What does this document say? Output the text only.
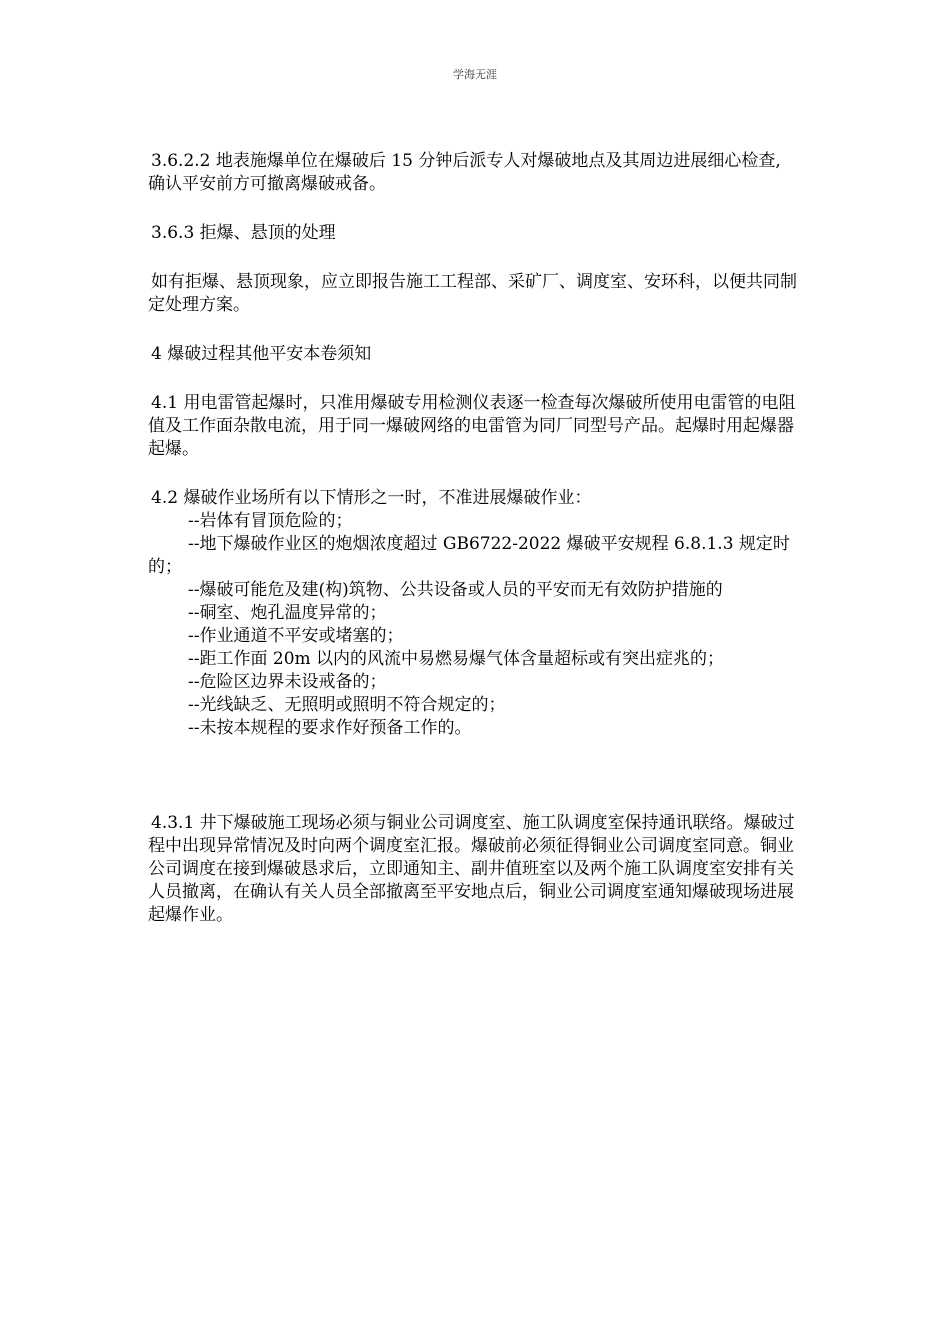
学海无涯

3.6.2.2 地表施爆单位在爆破后 15 分钟后派专人对爆破地点及其周边进展细心检查, 确认平安前方可撤离爆破戒备。

3.6.3 拒爆、悬顶的处理

如有拒爆、悬顶现象，应立即报告施工工程部、采矿厂、调度室、安环科，以便共同制定处理方案。

4 爆破过程其他平安本卷须知

4.1 用电雷管起爆时，只准用爆破专用检测仪表逐一检查每次爆破所使用电雷管的电阻值及工作面杂散电流，用于同一爆破网络的电雷管为同厂同型号产品。起爆时用起爆器起爆。

4.2 爆破作业场所有以下情形之一时，不准进展爆破作业：

--岩体有冒顶危险的；

--地下爆破作业区的炮烟浓度超过 GB6722-2022 爆破平安规程 6.8.1.3 规定时的；

--爆破可能危及建(构)筑物、公共设备或人员的平安而无有效防护措施的

--硐室、炮孔温度异常的；

--作业通道不平安或堵塞的；

--距工作面 20m 以内的风流中易燃易爆气体含量超标或有突出症兆的；

--危险区边界未设戒备的；

--光线缺乏、无照明或照明不符合规定的；

--未按本规程的要求作好预备工作的。

4.3.1 井下爆破施工现场必须与铜业公司调度室、施工队调度室保持通讯联络。爆破过程中出现异常情况及时向两个调度室汇报。爆破前必须征得铜业公司调度室同意。铜业公司调度在接到爆破恳求后，立即通知主、副井值班室以及两个施工队调度室安排有关人员撤离，在确认有关人员全部撤离至平安地点后，铜业公司调度室通知爆破现场进展起爆作业。
